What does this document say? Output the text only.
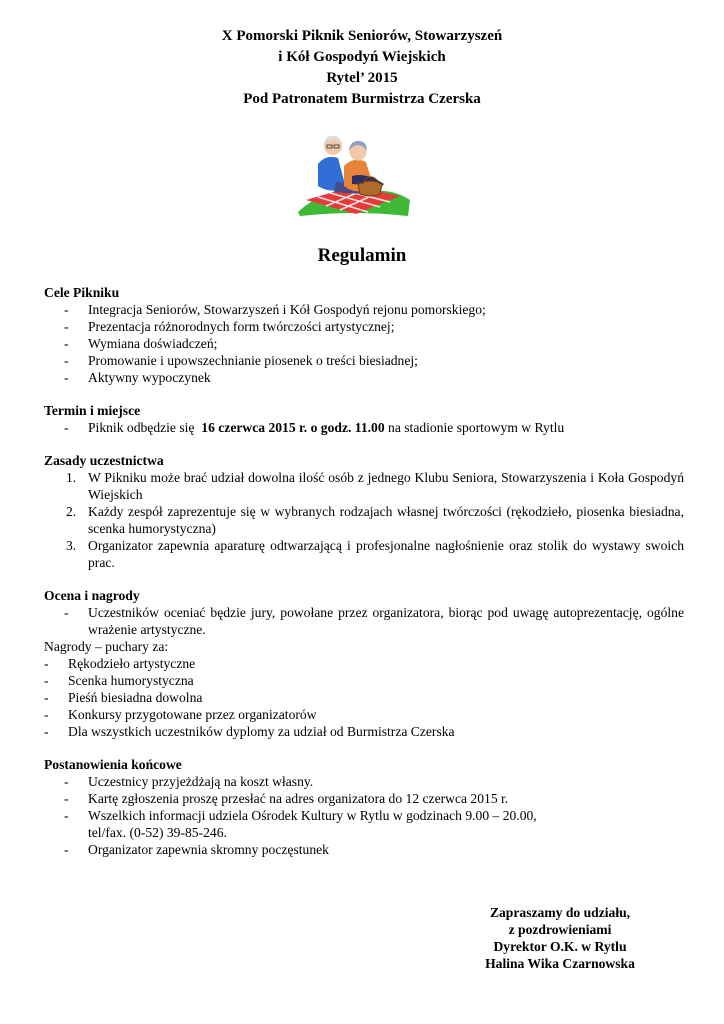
X Pomorski Piknik Seniorów, Stowarzyszeń
i Kół Gospodyń Wiejskich
Rytel’ 2015
Pod Patronatem Burmistrza Czerska
Regulamin
Cele Pikniku
- Integracja Seniorów, Stowarzyszeń i Kół Gospodyń rejonu pomorskiego;
- Prezentacja różnorodnych form twórczości artystycznej;
- Wymiana doświadczeń;
- Promowanie i upowszechnianie piosenek o treści biesiadnej;
- Aktywny wypoczynek
Termin i miejsce
- Piknik odbędzie się 16 czerwca 2015 r. o godz. 11.00 na stadionie sportowym w Rytlu
Zasady uczestnictwa
1. W Pikniku może brać udział dowolna ilość osób z jednego Klubu Seniora, Stowarzyszenia i Koła Gospodyń Wiejskich
2. Każdy zespół zaprezentuje się w wybranych rodzajach własnej twórczości (rękodzieło, piosenka biesiadna, scenka humorystyczna)
3. Organizator zapewnia aparaturę odtwarzającą i profesjonalne nagłośnienie oraz stolik do wystawy swoich prac.
Ocena i nagrody
- Uczestników oceniać będzie jury, powołane przez organizatora, biorąc pod uwagę autoprezentację, ogólne wrażenie artystyczne.
Nagrody – puchary za:
- Rękodzieło artystyczne
- Scenka humorystyczna
- Pieśń biesiadna dowolna
- Konkursy przygotowane przez organizatorów
- Dla wszystkich uczestników dyplomy za udział od Burmistrza Czerska
Postanowienia końcowe
- Uczestnicy przyjeżdżają na koszt własny.
- Kartę zgłoszenia proszę przesłać na adres organizatora do 12 czerwca 2015 r.
- Wszelkich informacji udziela Ośrodek Kultury w Rytlu w godzinach 9.00 – 20.00, tel/fax. (0-52) 39-85-246.
- Organizator zapewnia skromny poczęstunek
Zapraszamy do udziału,
z pozdrowieniami
Dyrektor O.K. w Rytlu
Halina Wika Czarnowska
